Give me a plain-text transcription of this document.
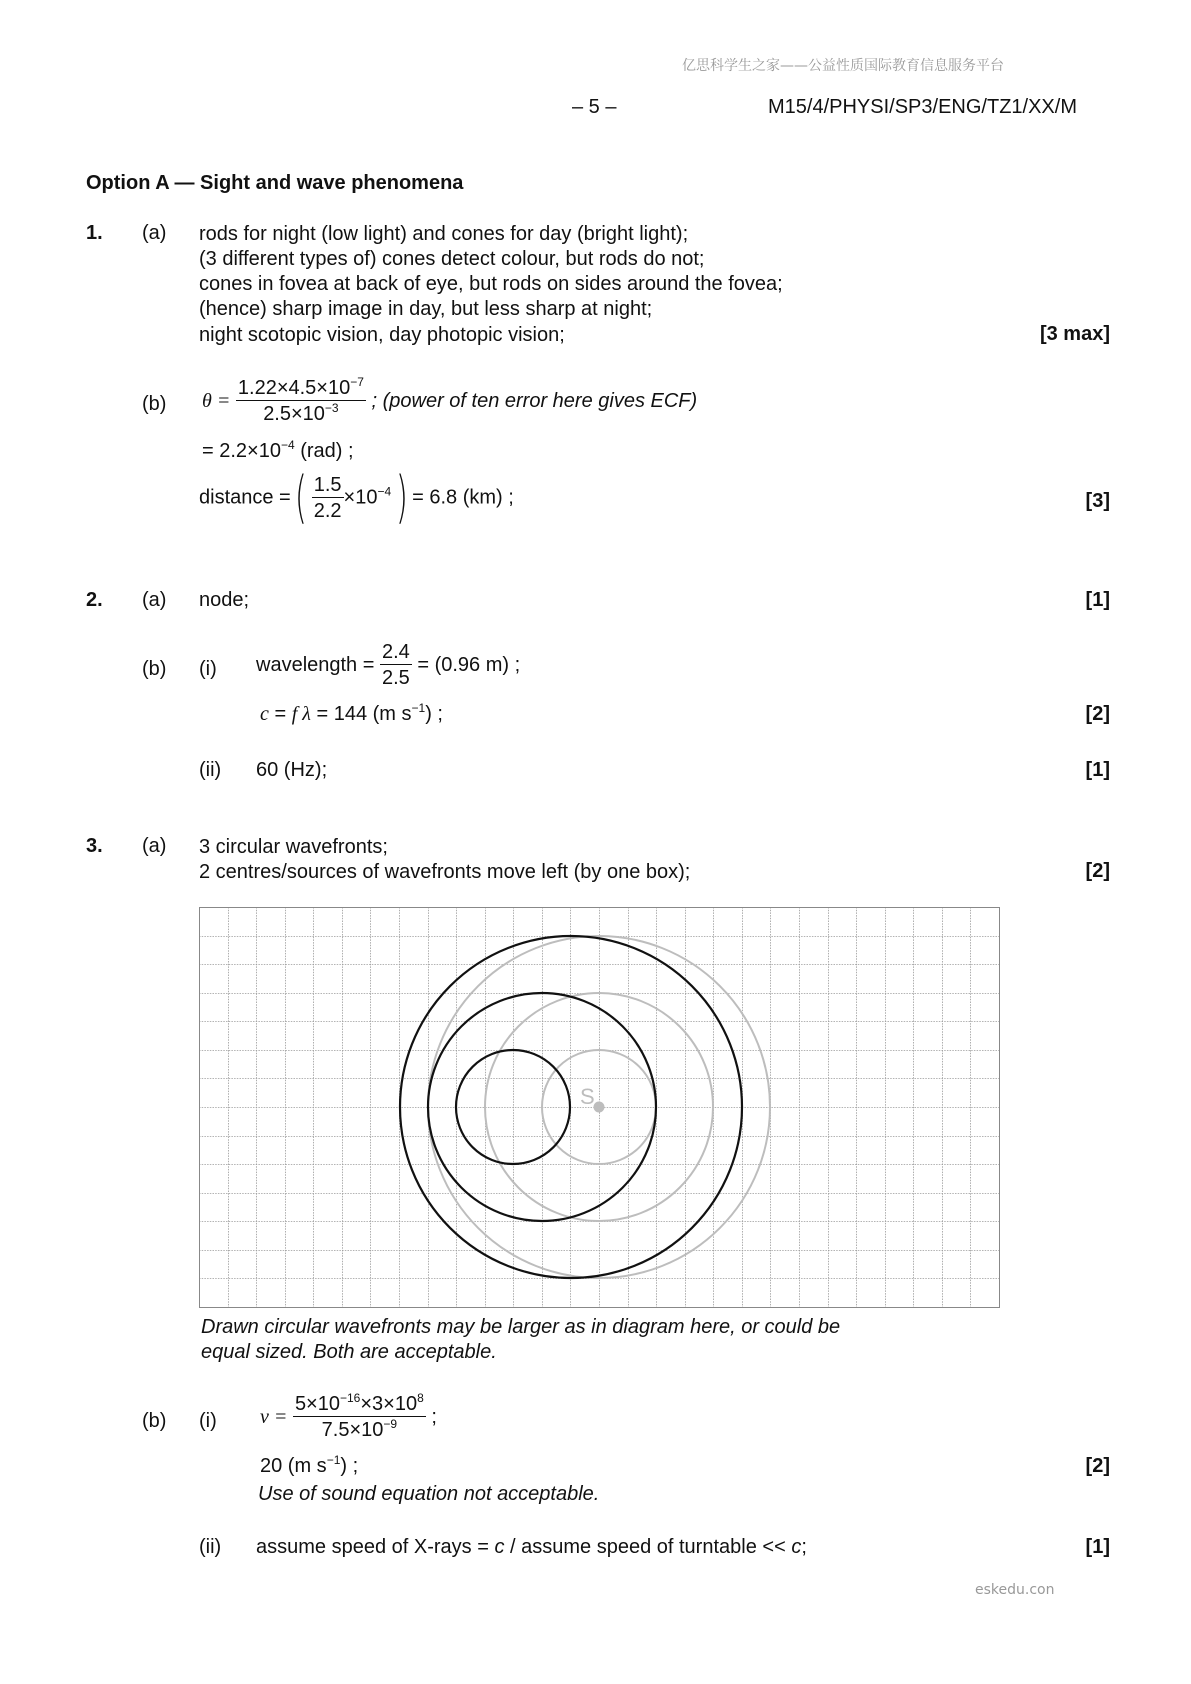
亿思科学生之家——公益性质国际教育信息服务平台
– 5 –	M15/4/PHYSI/SP3/ENG/TZ1/XX/M
Option A — Sight and wave phenomena
1. (a) rods for night (low light) and cones for day (bright light);
(3 different types of) cones detect colour, but rods do not;
cones in fovea at back of eye, but rods on sides around the fovea;
(hence) sharp image in day, but less sharp at night;
night scotopic vision, day photopic vision;	[3 max]
(b) $\theta = \frac{1.22\times 4.5\times 10^{-7}}{2.5\times 10^{-3}}$ ; (power of ten error here gives ECF)
= $2.2\times 10^{-4}$ (rad) ;
distance = ( $\frac{1.5}{2.2} \times 10^{-4}$ ) = 6.8 (km) ;	[3]
2. (a) node;	[1]
(b) (i) wavelength = $\frac{2.4}{2.5} = (0.96$ m) ;
c = f λ = 144 (m $s^{-1}$) ;	[2]
(ii) 60 (Hz);	[1]
3. (a) 3 circular wavefronts;
2 centres/sources of wavefronts move left (by one box);	[2]
S
Drawn circular wavefronts may be larger as in diagram here, or could be
equal sized. Both are acceptable.
(b) (i) $v = \frac{5\times 10^{-16}\times 3\times 10^8}{7.5\times 10^{-9}}$ ;
20 (m $s^{-1}$) ;	[2]
Use of sound equation not acceptable.
(ii) assume speed of X-rays = c / assume speed of turntable << c;	[1]
eskedu.con
